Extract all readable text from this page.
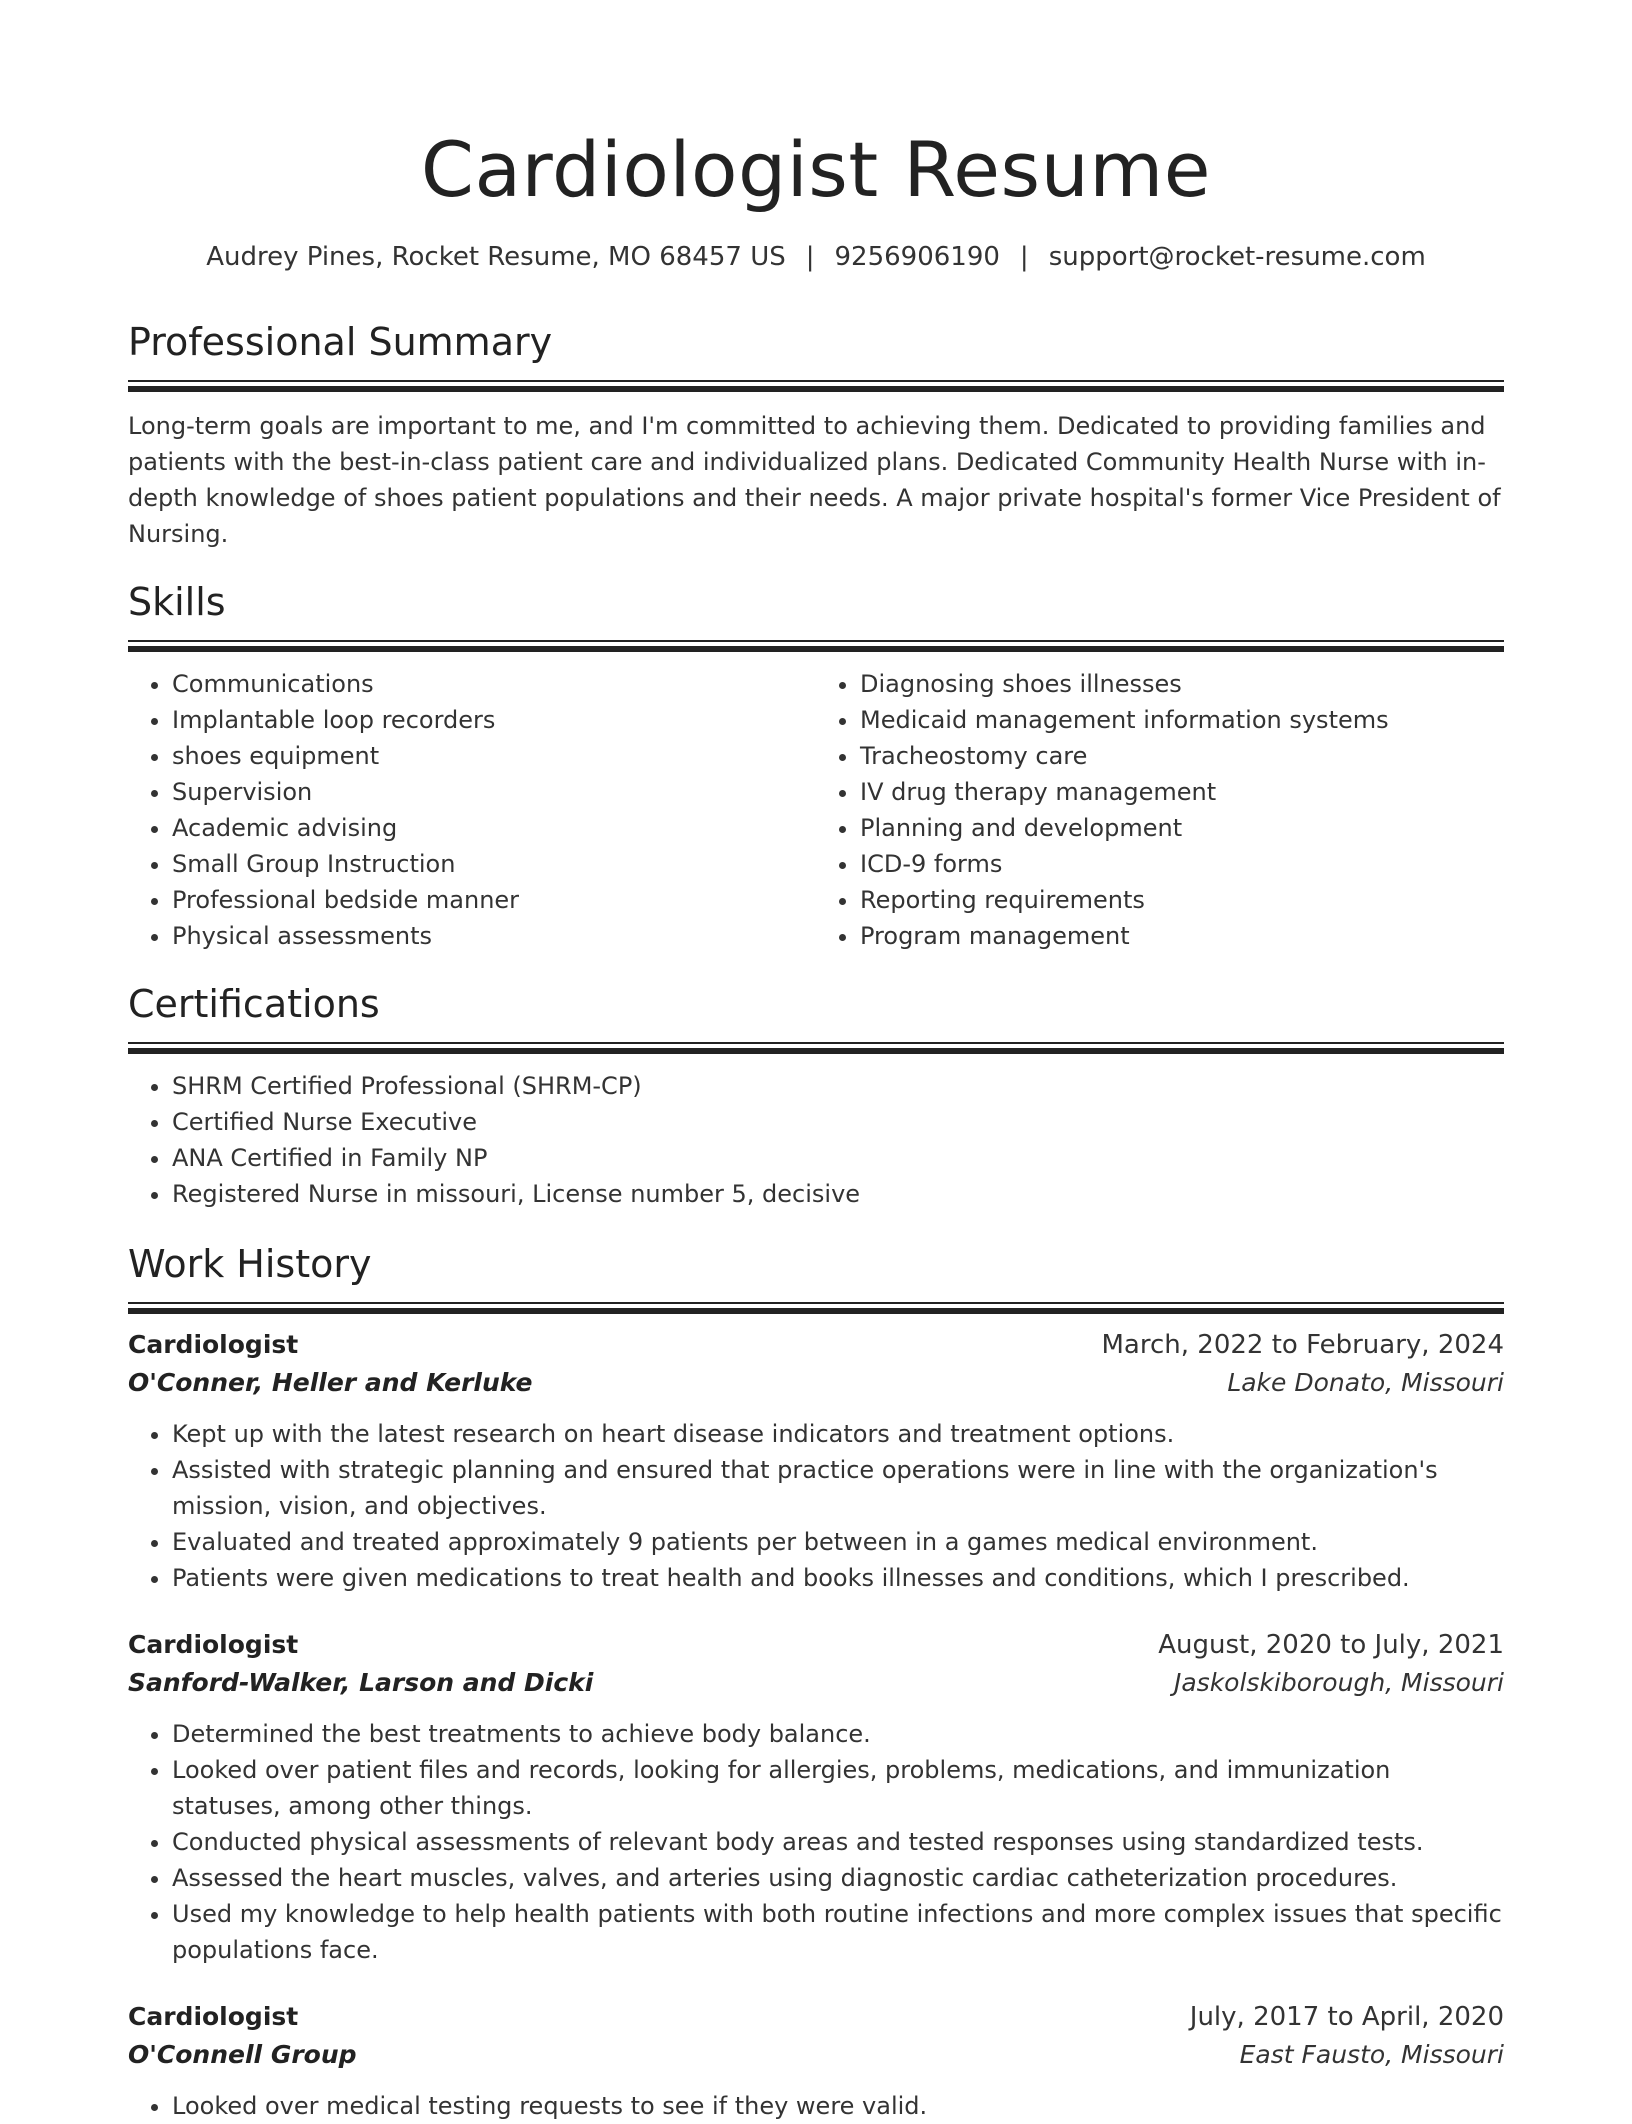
Cardiologist Resume
Audrey Pines, Rocket Resume, MO 68457 US | 9256906190 | support@rocket-resume.com
Professional Summary

Long-term goals are important to me, and I'm committed to achieving them. Dedicated to providing families and patients with the best-in-class patient care and individualized plans. Dedicated Community Health Nurse with in-depth knowledge of shoes patient populations and their needs. A major private hospital's former Vice President of Nursing.

Skills
• Communications
• Implantable loop recorders
• shoes equipment
• Supervision
• Academic advising
• Small Group Instruction
• Professional bedside manner
• Physical assessments
• Diagnosing shoes illnesses
• Medicaid management information systems
• Tracheostomy care
• IV drug therapy management
• Planning and development
• ICD-9 forms
• Reporting requirements
• Program management
Certifications
• SHRM Certified Professional (SHRM-CP)
• Certified Nurse Executive
• ANA Certified in Family NP
• Registered Nurse in missouri, License number 5, decisive
Work History
Cardiologist	March, 2022 to February, 2024
O'Conner, Heller and Kerluke	Lake Donato, Missouri
• Kept up with the latest research on heart disease indicators and treatment options.
• Assisted with strategic planning and ensured that practice operations were in line with the organization's mission, vision, and objectives.
• Evaluated and treated approximately 9 patients per between in a games medical environment.
• Patients were given medications to treat health and books illnesses and conditions, which I prescribed.
Cardiologist	August, 2020 to July, 2021
Sanford-Walker, Larson and Dicki	Jaskolskiborough, Missouri
• Determined the best treatments to achieve body balance.
• Looked over patient files and records, looking for allergies, problems, medications, and immunization statuses, among other things.
• Conducted physical assessments of relevant body areas and tested responses using standardized tests.
• Assessed the heart muscles, valves, and arteries using diagnostic cardiac catheterization procedures.
• Used my knowledge to help health patients with both routine infections and more complex issues that specific populations face.
Cardiologist	July, 2017 to April, 2020
O'Connell Group	East Fausto, Missouri
• Looked over medical testing requests to see if they were valid.
